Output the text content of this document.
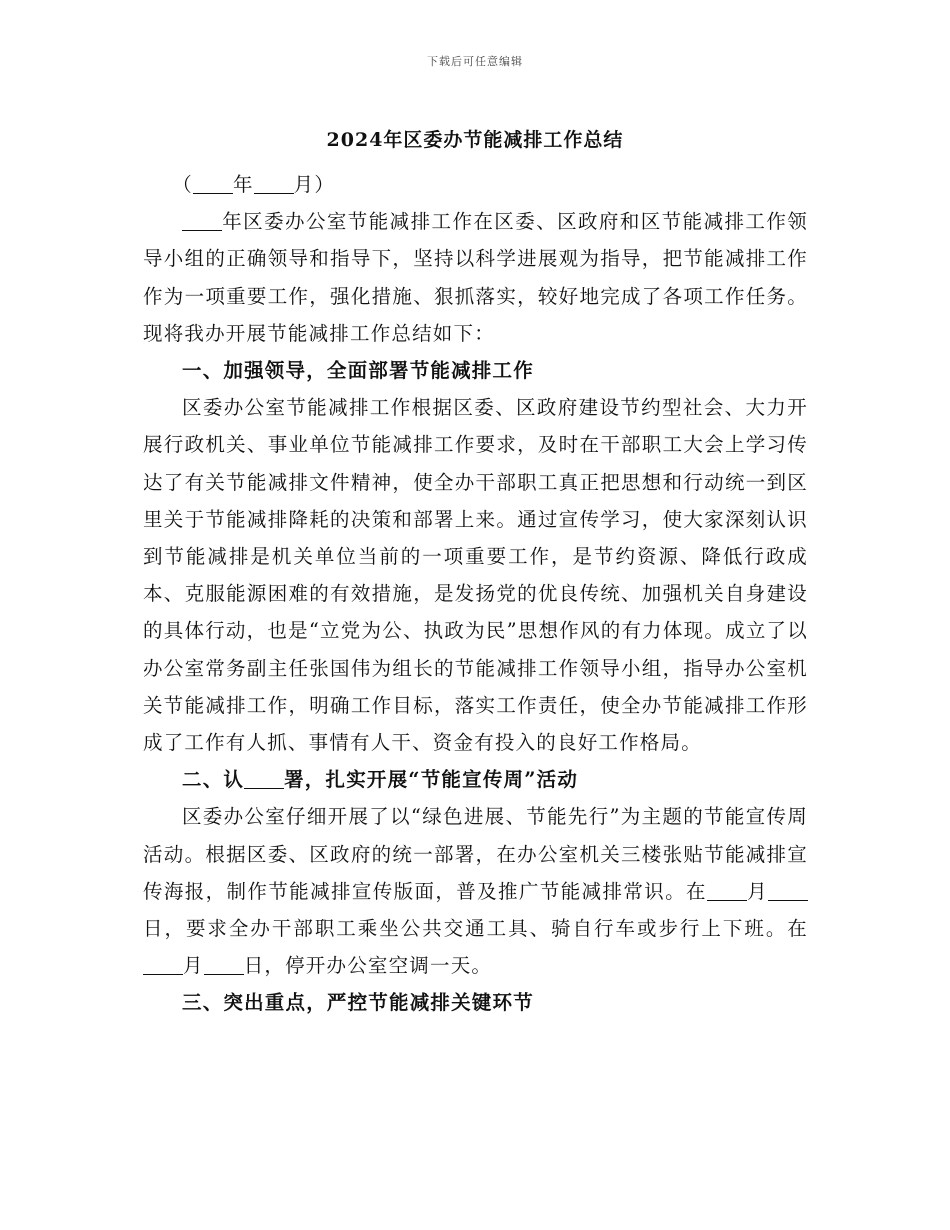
下载后可任意编辑
2024年区委办节能减排工作总结

（ 年 月）

年区委办公室节能减排工作在区委、区政府和区节能减排工作领导小组的正确领导和指导下，坚持以科学进展观为指导，把节能减排工作作为一项重要工作，强化措施、狠抓落实，较好地完成了各项工作任务。现将我办开展节能减排工作总结如下：

一、加强领导，全面部署节能减排工作

区委办公室节能减排工作根据区委、区政府建设节约型社会、大力开展行政机关、事业单位节能减排工作要求，及时在干部职工大会上学习传达了有关节能减排文件精神，使全办干部职工真正把思想和行动统一到区里关于节能减排降耗的决策和部署上来。通过宣传学习，使大家深刻认识到节能减排是机关单位当前的一项重要工作，是节约资源、降低行政成本、克服能源困难的有效措施，是发扬党的优良传统、加强机关自身建设的具体行动，也是“立党为公、执政为民”思想作风的有力体现。成立了以办公室常务副主任张国伟为组长的节能减排工作领导小组，指导办公室机关节能减排工作，明确工作目标，落实工作责任，使全办节能减排工作形成了工作有人抓、事情有人干、资金有投入的良好工作格局。

二、认 署，扎实开展“节能宣传周”活动

区委办公室仔细开展了以“绿色进展、节能先行”为主题的节能宣传周活动。根据区委、区政府的统一部署，在办公室机关三楼张贴节能减排宣传海报，制作节能减排宣传版面，普及推广节能减排常识。在 月日，要求全办干部职工乘坐公共交通工具、骑自行车或步行上下班。在月 日，停开办公室空调一天。

三、突出重点，严控节能减排关键环节
